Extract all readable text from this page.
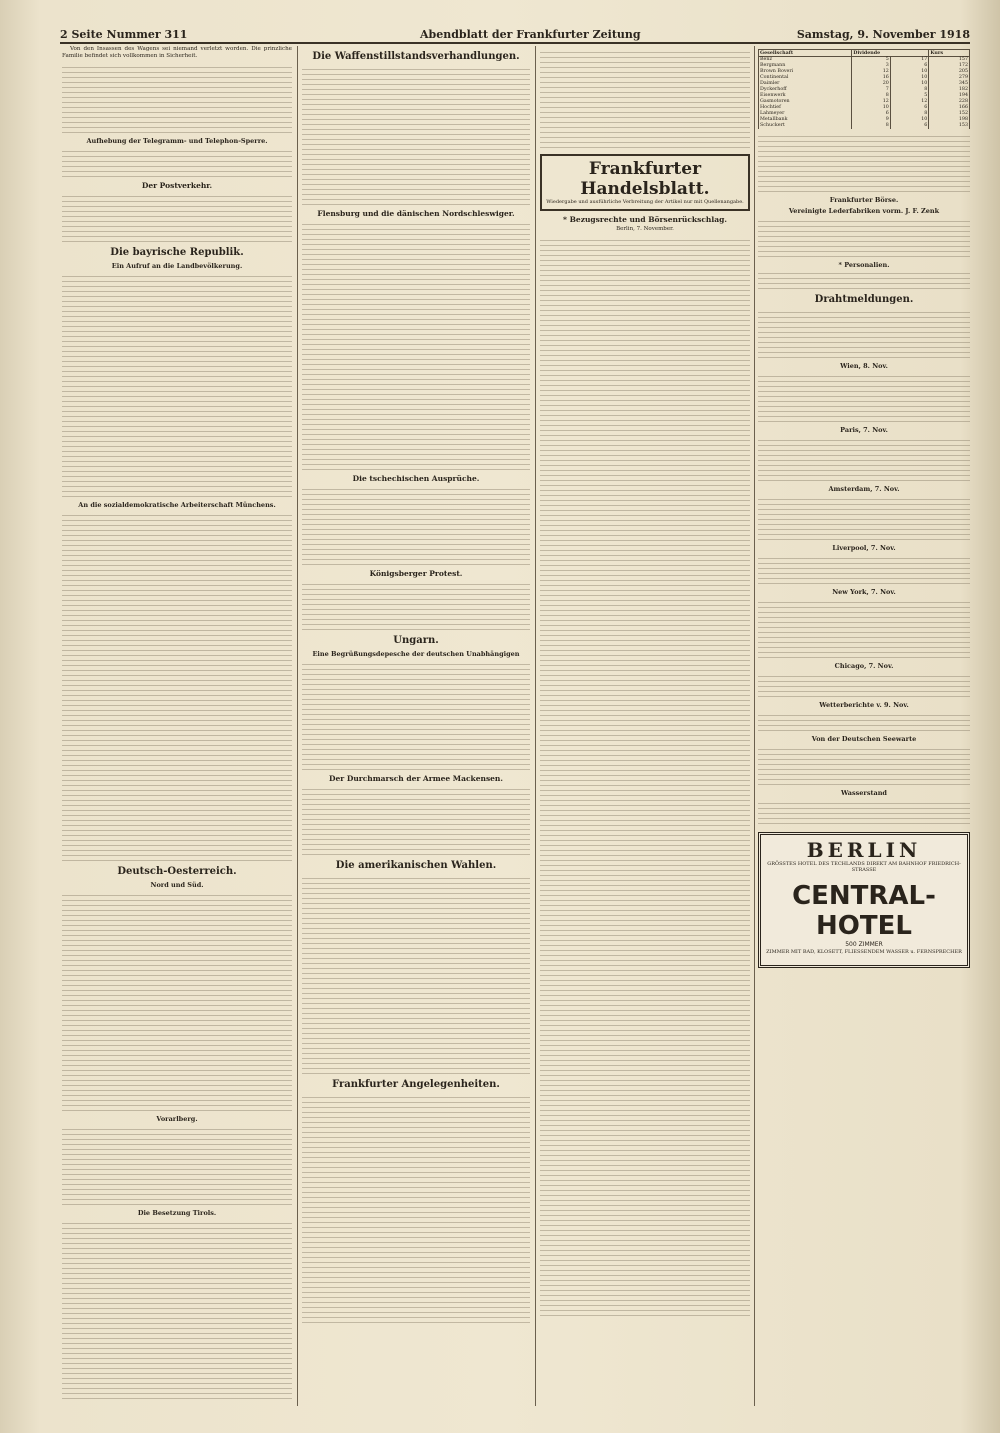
2 Seite Nummer 311	Abendblatt der Frankfurter Zeitung	Samstag, 9. November 1918

Von den Insassen des Wagens sei niemand verletzt worden. Die prinzliche Familie befindet sich vollkommen in Sicherheit.

Aufhebung der Telegramm- und Telephon-Sperre.
Der Postverkehr.
Die bayrische Republik.
Ein Aufruf an die Landbevölkerung.
An die sozialdemokratische Arbeiterschaft Münchens.
Deutsch-Oesterreich.
Nord und Süd.
Vorarlberg.
Die Besetzung Tirols.
Die Waffenstillstandsverhandlungen.
Flensburg und die dänischen Nordschleswiger.
Die tschechischen Ausprüche.
Königsberger Protest.
Ungarn.
Eine Begrüßungsdepesche der deutschen Unabhängigen
Der Durchmarsch der Armee Mackensen.
Die amerikanischen Wahlen.
Frankfurter Angelegenheiten.
Frankfurter Handelsblatt.
Wiedergabe und ausführliche Verbreitung der Artikel nur mit Quellenangabe.
* Bezugsrechte und Börsenrückschlag.
Berlin, 7. November.
Gesellschaft	Dividende		Kurs
Benz	5	17	157
Bergmann	3	6	172
Brown Boveri	12	10	205
Continental	16	10	279
Daimler	20	10	345
Dyckerhoff	7	8	182
Eisenwerk	8	5	194
Gasmotoren	12	12	228
Hochtief	10	6	166
Lahmeyer	6	8	152
Metallbank	9	10	198
Schuckert	8	6	153
Frankfurter Börse.
Vereinigte Lederfabriken vorm. J. F. Zenk
* Personalien.
Drahtmeldungen.
Wien, 8. Nov.
Paris, 7. Nov.
Amsterdam, 7. Nov.
Liverpool, 7. Nov.
New York, 7. Nov.
Chicago, 7. Nov.
Wetterberichte v. 9. Nov.
Von der Deutschen Seewarte
Wasserstand
BERLIN
GRÖSSTES HOTEL DES TECHLANDS DIREKT AM BAHNHOF FRIEDRICH-STRASSE
CENTRAL-HOTEL
500 ZIMMER
ZIMMER MIT BAD, KLOSETT, FLIESSENDEM WASSER u. FERNSPRECHER
